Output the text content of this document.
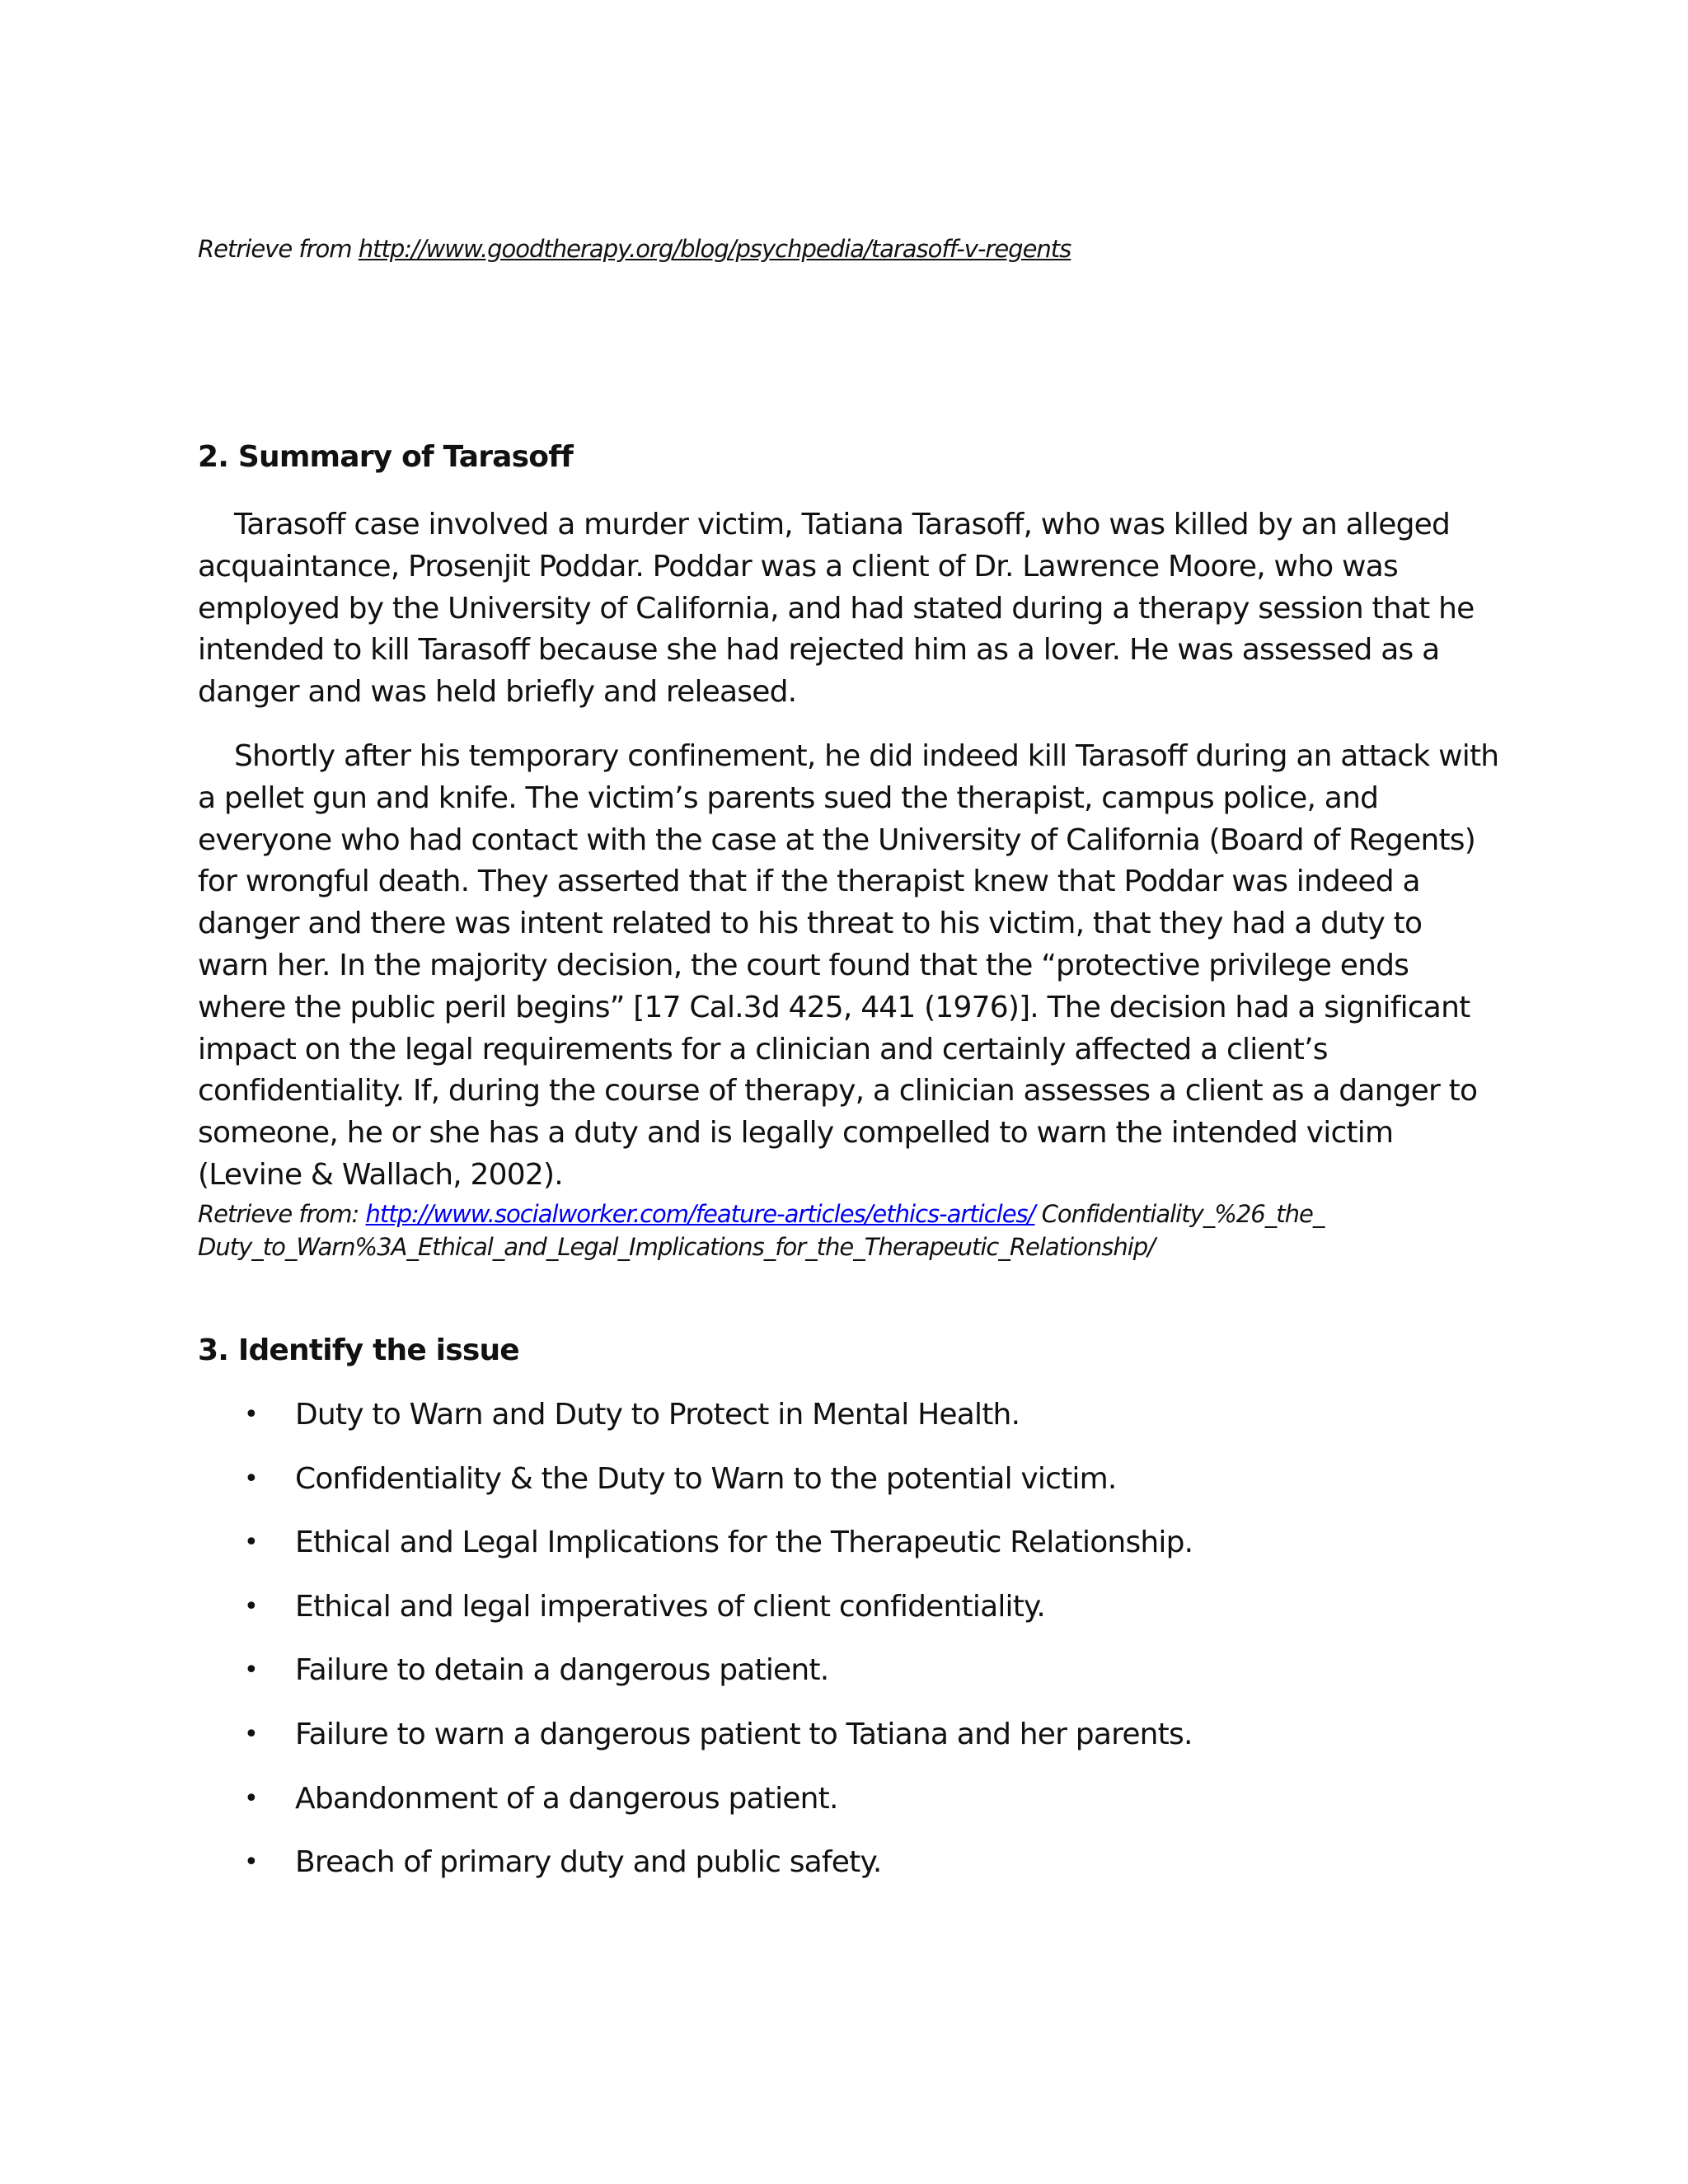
Retrieve from http://www.goodtherapy.org/blog/psychpedia/tarasoff-v-regents

2. Summary of Tarasoff

Tarasoff case involved a murder victim, Tatiana Tarasoff, who was killed by an alleged acquaintance, Prosenjit Poddar. Poddar was a client of Dr. Lawrence Moore, who was employed by the University of California, and had stated during a therapy session that he intended to kill Tarasoff because she had rejected him as a lover. He was assessed as a danger and was held briefly and released.

Shortly after his temporary confinement, he did indeed kill Tarasoff during an attack with a pellet gun and knife. The victim’s parents sued the therapist, campus police, and everyone who had contact with the case at the University of California (Board of Regents) for wrongful death. They asserted that if the therapist knew that Poddar was indeed a danger and there was intent related to his threat to his victim, that they had a duty to warn her. In the majority decision, the court found that the “protective privilege ends where the public peril begins” [17 Cal.3d 425, 441 (1976)]. The decision had a significant impact on the legal requirements for a clinician and certainly affected a client’s confidentiality. If, during the course of therapy, a clinician assesses a client as a danger to someone, he or she has a duty and is legally compelled to warn the intended victim (Levine & Wallach, 2002).

Retrieve from: http://www.socialworker.com/feature-articles/ethics-articles/ Confidentiality_%26_the_ Duty_to_Warn%3A_Ethical_and_Legal_Implications_for_the_Therapeutic_Relationship/

3. Identify the issue
• Duty to Warn and Duty to Protect in Mental Health.
• Confidentiality & the Duty to Warn to the potential victim.
• Ethical and Legal Implications for the Therapeutic Relationship.
• Ethical and legal imperatives of client confidentiality.
• Failure to detain a dangerous patient.
• Failure to warn a dangerous patient to Tatiana and her parents.
• Abandonment of a dangerous patient.
• Breach of primary duty and public safety.
